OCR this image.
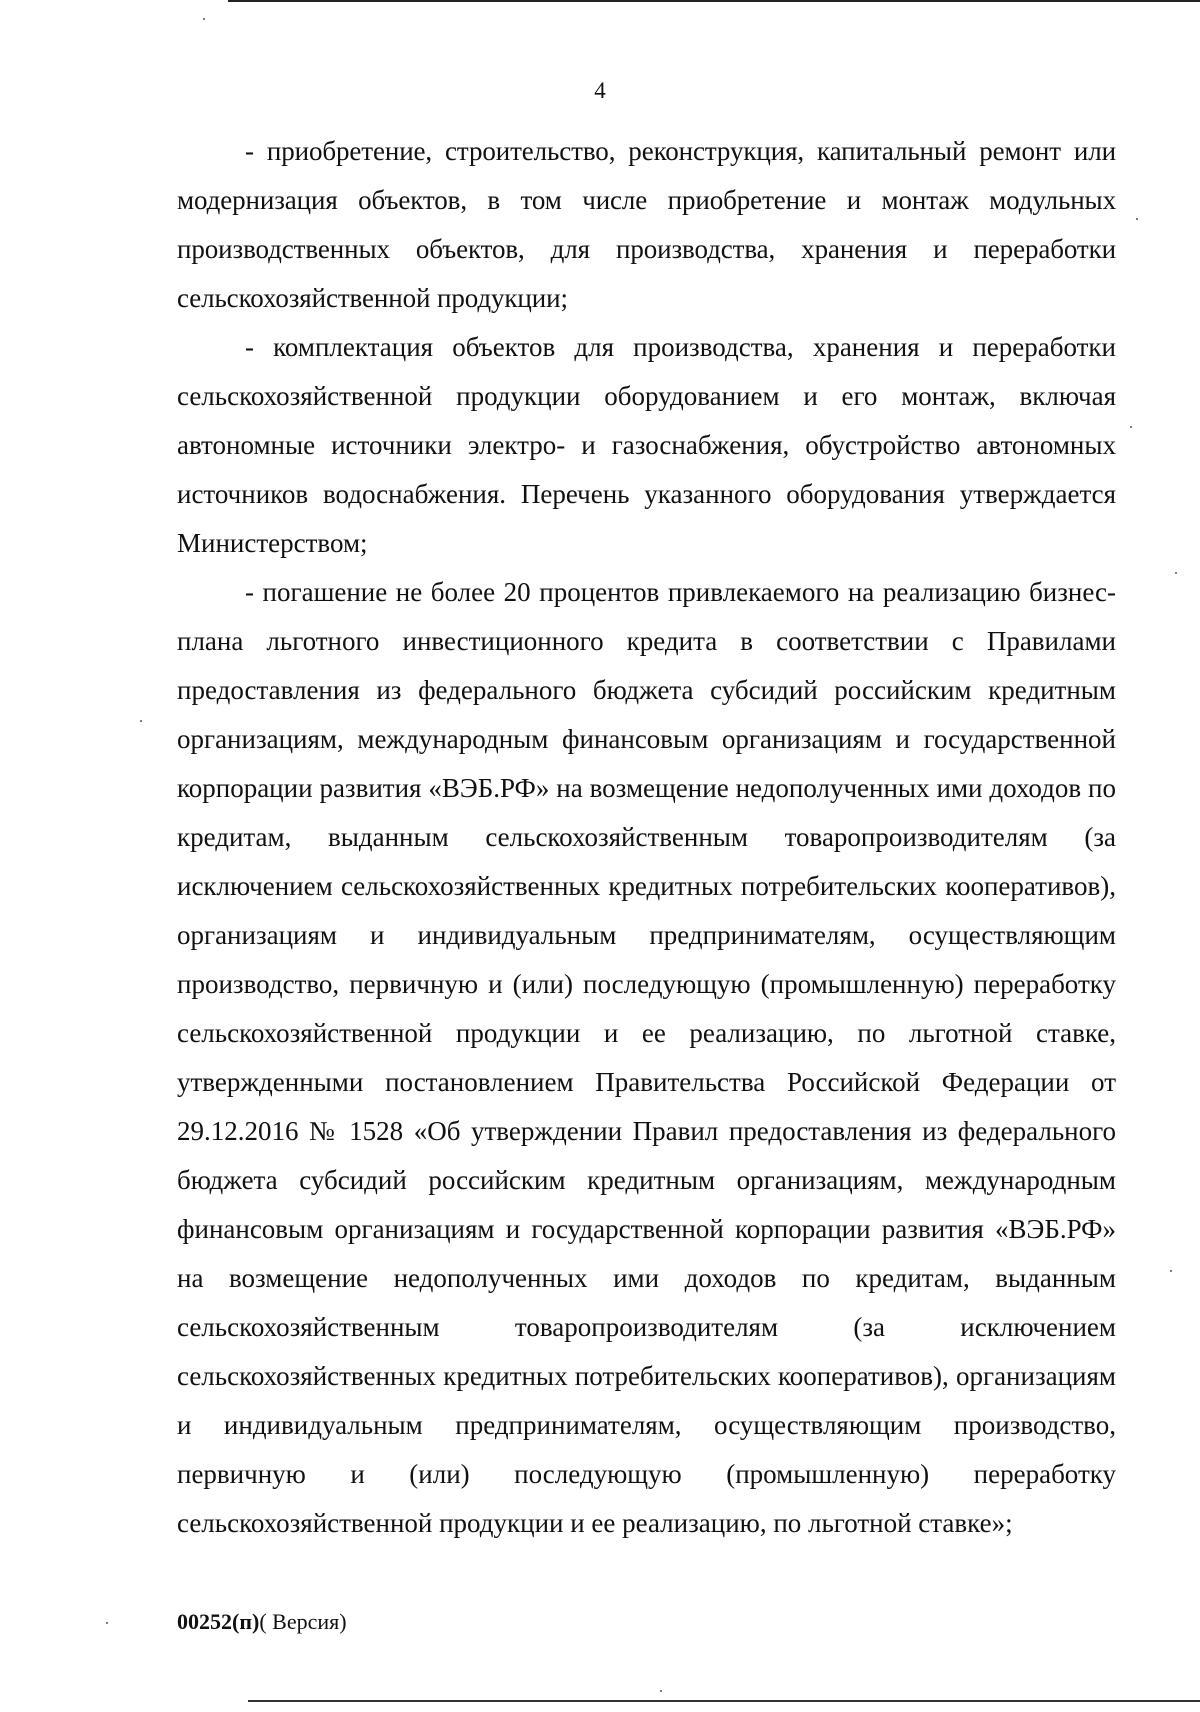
4

- приобретение, строительство, реконструкция, капитальный ремонт или модернизация объектов, в том числе приобретение и монтаж модульных производственных объектов, для производства, хранения и переработки сельскохозяйственной продукции;

- комплектация объектов для производства, хранения и переработки сельскохозяйственной продукции оборудованием и его монтаж, включая автономные источники электро- и газоснабжения, обустройство автономных источников водоснабжения. Перечень указанного оборудования утверждается Министерством;

- погашение не более 20 процентов привлекаемого на реализацию бизнес-плана льготного инвестиционного кредита в соответствии с Правилами предоставления из федерального бюджета субсидий российским кредитным организациям, международным финансовым организациям и государственной корпорации развития «ВЭБ.РФ» на возмещение недополученных ими доходов по кредитам, выданным сельскохозяйственным товаропроизводителям (за исключением сельскохозяйственных кредитных потребительских кооперативов), организациям и индивидуальным предпринимателям, осуществляющим производство, первичную и (или) последующую (промышленную) переработку сельскохозяйственной продукции и ее реализацию, по льготной ставке, утвержденными постановлением Правительства Российской Федерации от 29.12.2016 № 1528 «Об утверждении Правил предоставления из федерального бюджета субсидий российским кредитным организациям, международным финансовым организациям и государственной корпорации развития «ВЭБ.РФ» на возмещение недополученных ими доходов по кредитам, выданным сельскохозяйственным товаропроизводителям (за исключением сельскохозяйственных кредитных потребительских кооперативов), организациям и индивидуальным предпринимателям, осуществляющим производство, первичную и (или) последующую (промышленную) переработку сельскохозяйственной продукции и ее реализацию, по льготной ставке»;

00252(п)( Версия)
